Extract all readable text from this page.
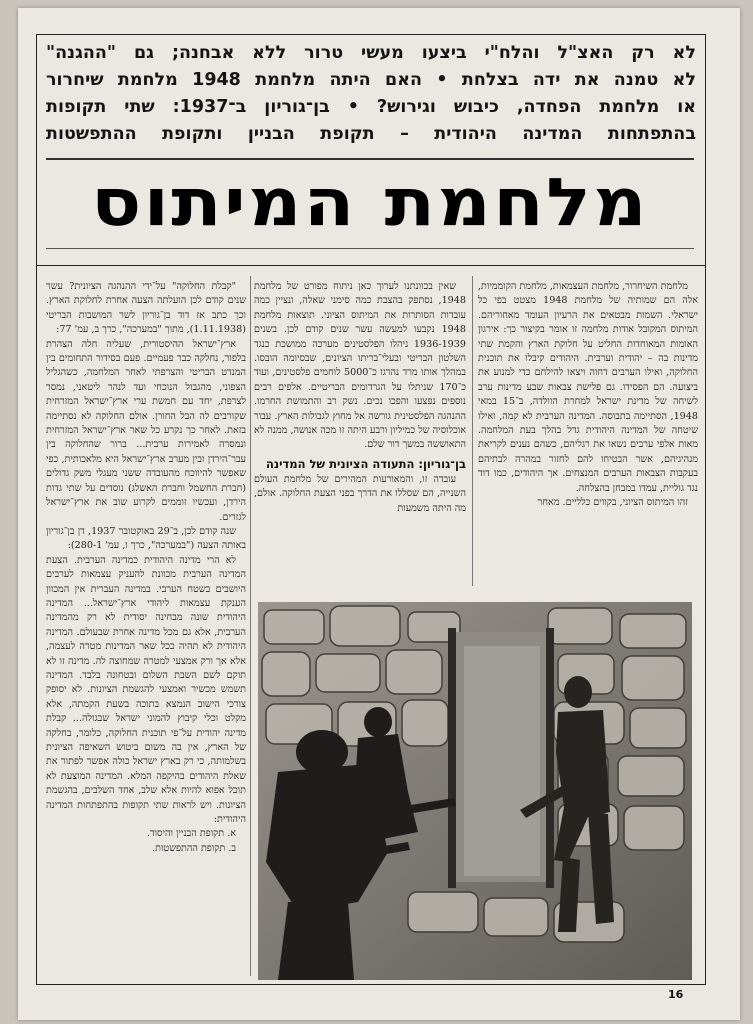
לא רק האצ"ל והלח"י ביצעו מעשי טרור ללא אבחנה; גם "ההגנה"
לא טמנה את ידה בצלחת • האם היתה מלחמת 1948 מלחמת שיחרור
או מלחמת הפחדה, כיבוש וגירוש? • בן־גוריון ב־1937: שתי תקופות
בהתפתחות המדינה היהודית – תקופת הבניין ותקופת ההתפשטות
מלחמת המיתוס

מלחמת השיחרור, מלחמת העצמאות, מלחמת הקוממיות, אלה הם שמותיה של מלחמת 1948 מצטט בפי כל ישראלי. השמות מבטאים את הרעיון העומד מאחוריהם. המיתוס המקובל אודות מלחמה זו אומר בקיצור כך: אירגון האומות המאוחדות החליט על חלוקת הארץ והקמת שתי מדינות בה – יהודית וערבית. היהודים קיבלו את תוכנית החלוקה, ואילו הערבים דחוה ויצאו להילחם כדי למנוע את ביצועה. הם הפסידו. גם פלישת צבאות שבע מדינות ערב לשיחה של מדינת ישראל למחרת הוולדה, ב־15 במאי 1948, הסתיימה בתבוסה. המדינה הערבית לא קמה, ואילו שיטחה של המדינה היהודית גדל בהלך בעת המלחמה. מאות אלפי ערבים נשאו את רגליהם, כשהם נענים לקריאת מנהיגיהם, אשר הבטיחו להם לחזור במהרה לבתיהם בעקבות הצבאות הערבים המנצחים. אך היהודים, כמו דוד נגד גוליית, עמדו במבחן בהצלחה.

זהו המיתוס הציוני, בקווים כלליים. מאחר

שאין בכוונתנו לערוך כאן ניתוח מפורט של מלחמת 1948, נסתפק בהצבת כמה סימני שאלה, ונציין כמה עובדות הסותרות את המיתוס הציוני. תוצאות מלחמת 1948 נקבעו למעשה עשר שנים קודם לכן. בשנים 1936-1939 ניהלו הפלסטינים מערכה ממושכת כנגד השלטון הבריטי ובעלי־בריתו הציונים, שבסיומה הובסו. במהלך אותו מרד נהרגו כ־5000 לוחמים פלסטינים, ועוד כ־170 שניתלו על הגרדומים הבריטיים. אלפים רבים נוספים נפצעו והפכו נכים. נשק רב והתמושת החרמו. ההנהגה הפלסטינית גורשה אל מחוץ לגבולות הארץ. עבור אוכלוסיה של כמיליון ורבע היתה זו מכה אנושה, ממנה לא התאוששה במשך דור שלם.

בן־גוריון: התעודה הציונית של המדינה

עובדה זו, והמאורעות המהירים של מלחמת העולם השנייה, הם שסללו את הדרך בפני הצעת החלוקה. אולם, מה היתה משמעות

"קבלת החלוקה" על־ידי ההנהגה הציונית? עשר שנים קודם לכן הועלתה הצעה אחרת לחלוקת הארץ. וכך כתב אז דוד בן־גוריון לשר המושבות הבריטי (1.11.1938), מתוך "במערכה", כרך ב, עמ' 77:

ארץ־ישראל ההיסטורית, שעליה חלה הצהרת בלפור, נחלקה כבר פעמיים. פעם בסידור התחומים בין המנדט הבריטי והצרפתי לאחר המלחמה, כשהגליל הצפוני, מהגבול הנוכחי ועד לנהר ליטאני, נמסר לצרפת, יחד עם חמשת ערי ארץ־ישראל המזרחית שקורבים לה הבל החורן. אולם החלוקה לא נסתיימה בזאת. לאחר כך נקרע כל שאר ארץ־ישראל המזרחית ונמסרה לאמירות ערבית... ברור שהחלוקה בין עבר־הירדן ובין מערב ארץ־ישראל היא מלאכותית, כפי שאפשר להיווכח מהעובדה ששני מעגלי משק גדולים (חברת החשמל וחברת האשלג) נוסדים על שתי גדות הירדן, ועכשיו זוממים לקרוע שוב את ארץ־ישראל לגזרים.

שנה קודם לכן, ב־29 באוקטובר 1937, דן בן־גוריון באותה הצעה ("במערכה", כרך ו, עמ' 280-1):

לא הרי מדינה היהודית כמדינה הערבית. הצעת המדינה הערבית מכוונת להעניק עצמאות לערבים היושבים בשטח הערבי. במדינה העברית אין המכוון הענקת עצמאות ליהודי ארץ־ישראל... המדינה היהודית שונה מבחינה יסודית לא רק מהמדינה הערבית, אלא גם מכל מדינה אחרת שבעולם. המדינה היהודית לא תהיה ככל שאר המדינות מטרה לעצמה, אלא אך ורק אמצעי למטרה שמחוצה לה. מדינה זו לא תוקם לשם השבת השלום ובטחונה בלבד. המדינה תשמש מכשיר ואמצעי להגשמת הציונות. לא יסופק צורכי הישוב הנמצא בתוכה בשעת הקמתה, אלא מקלט וכלי קיבוץ להמוני ישראל שבגולה... קבלת מדינה יהודית על־פי תוכנית החלוקה, כלומר, בחלקה של הארץ, אין בה משום ביטוש השאיפה הציונית בשלמותה, כי רק בארץ ישראל כולה אפשר לפתור את שאלת היהודים בהיקפה המלא. המדינה המוצעת לא תוכל אפוא להיות אלא שלב, אחד השלבים, בהגשמת הציונות. ויש לראות שתי תקופות בהתפתחות המדינה היהודית:

א. תקופת הבניין והיסוד.

ב. תקופת ההתפשטות.

16
